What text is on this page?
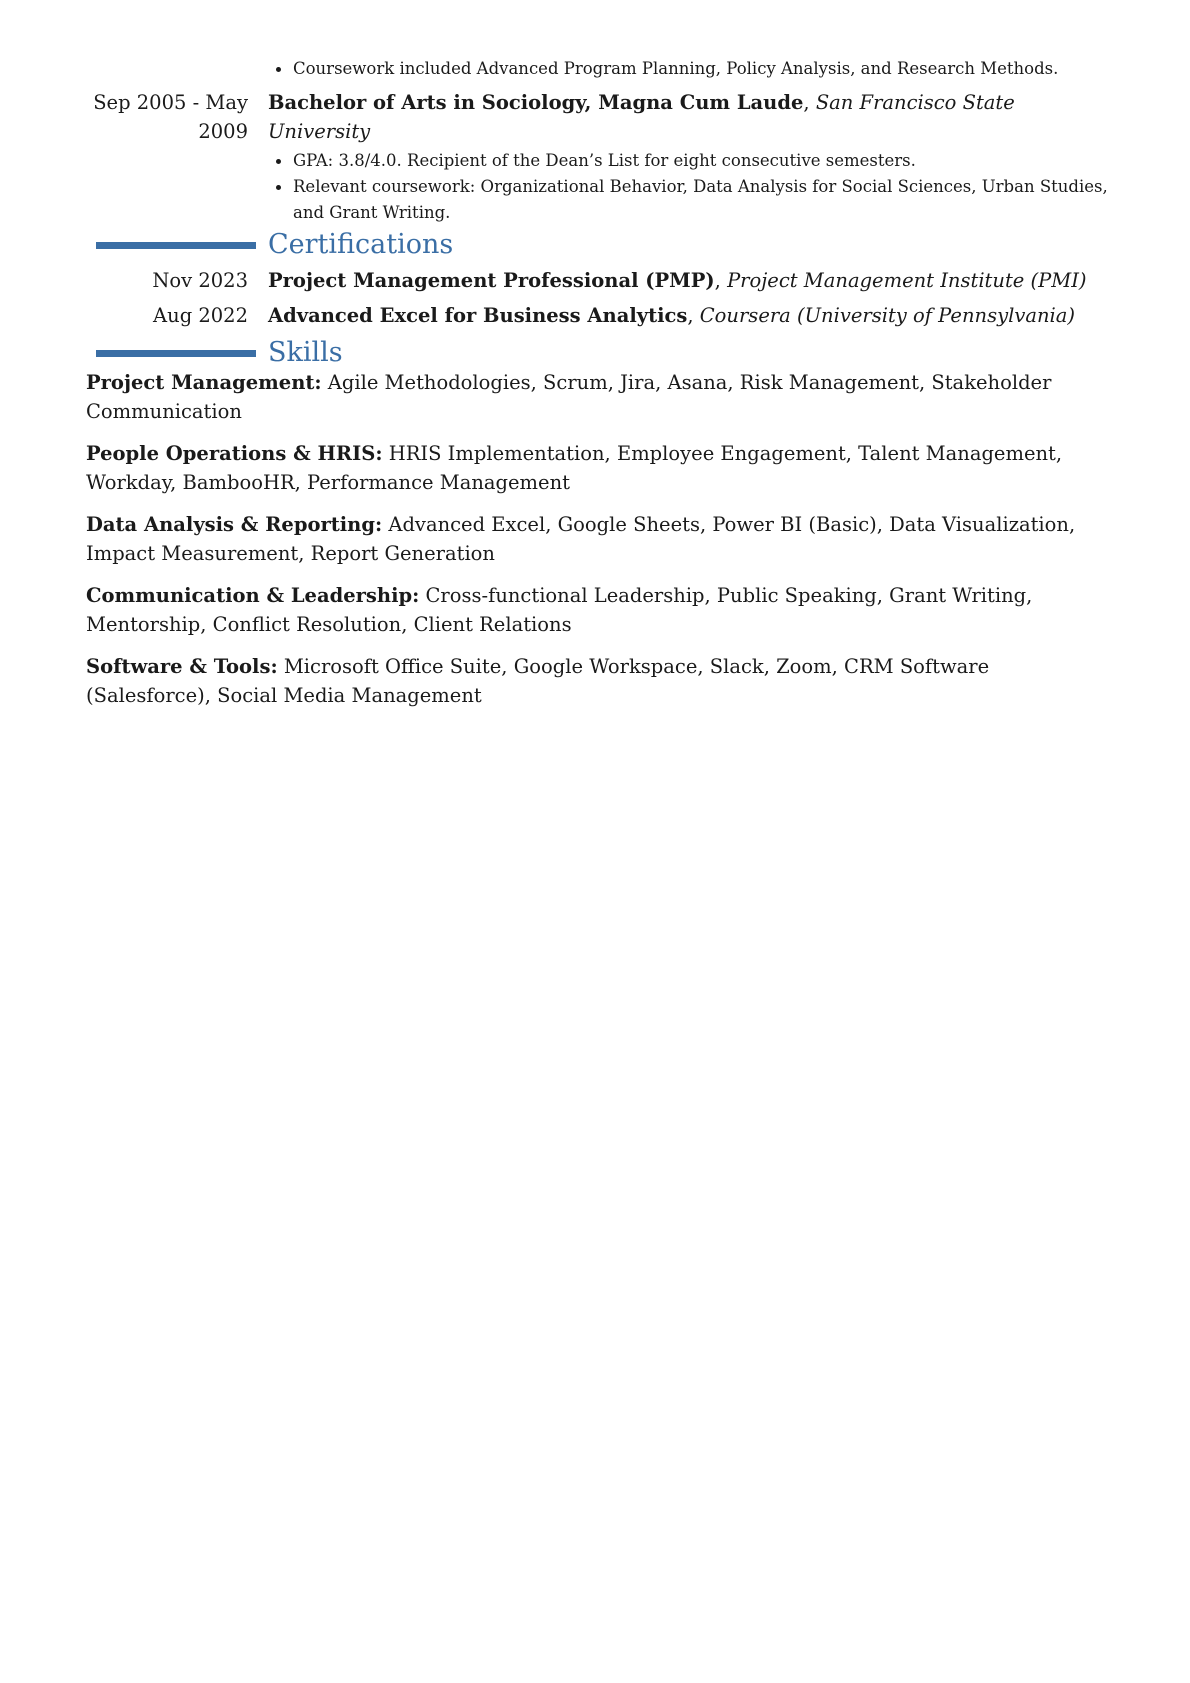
Coursework included Advanced Program Planning, Policy Analysis, and Research Methods.
Sep 2005 - May
2009
Bachelor of Arts in Sociology, Magna Cum Laude, San Francisco State University
GPA: 3.8/4.0. Recipient of the Dean’s List for eight consecutive semesters.
Relevant coursework: Organizational Behavior, Data Analysis for Social Sciences, Urban Studies, and Grant Writing.
Certifications
Nov 2023	Project Management Professional (PMP), Project Management Institute (PMI)
Aug 2022	Advanced Excel for Business Analytics, Coursera (University of Pennsylvania)
Skills
Project Management: Agile Methodologies, Scrum, Jira, Asana, Risk Management, Stakeholder Communication
People Operations & HRIS: HRIS Implementation, Employee Engagement, Talent Management, Workday, BambooHR, Performance Management
Data Analysis & Reporting: Advanced Excel, Google Sheets, Power BI (Basic), Data Visualization, Impact Measurement, Report Generation
Communication & Leadership: Cross-functional Leadership, Public Speaking, Grant Writing, Mentorship, Conflict Resolution, Client Relations
Software & Tools: Microsoft Office Suite, Google Workspace, Slack, Zoom, CRM Software (Salesforce), Social Media Management
